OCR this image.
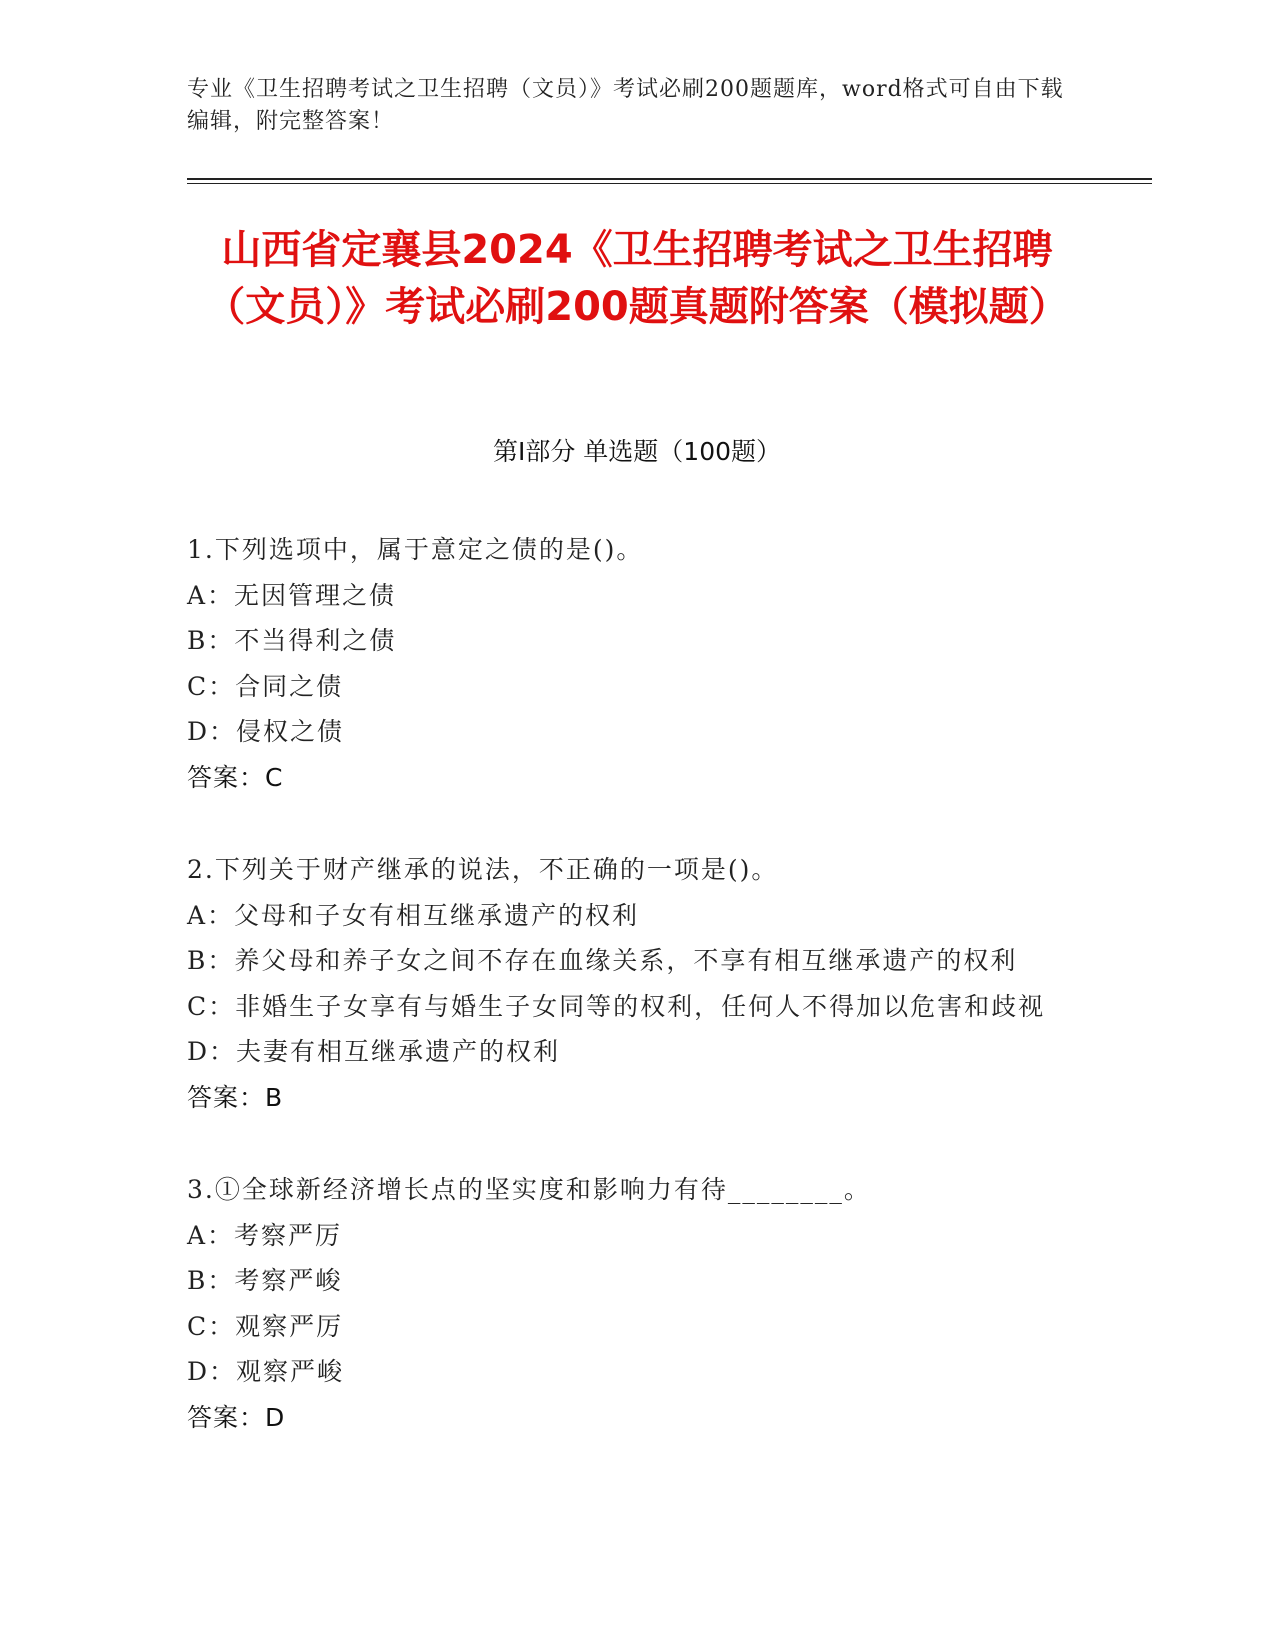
专业《卫生招聘考试之卫生招聘（文员）》考试必刷200题题库，word格式可自由下载编辑，附完整答案！
山西省定襄县2024《卫生招聘考试之卫生招聘（文员）》考试必刷200题真题附答案（模拟题）
第Ⅰ部分 单选题（100题）
1.下列选项中，属于意定之债的是()。
A：无因管理之债
B：不当得利之债
C：合同之债
D：侵权之债
答案：C
2.下列关于财产继承的说法，不正确的一项是()。
A：父母和子女有相互继承遗产的权利
B：养父母和养子女之间不存在血缘关系，不享有相互继承遗产的权利
C：非婚生子女享有与婚生子女同等的权利，任何人不得加以危害和歧视
D：夫妻有相互继承遗产的权利
答案：B
3.①全球新经济增长点的坚实度和影响力有待________。
A：考察严厉
B：考察严峻
C：观察严厉
D：观察严峻
答案：D
